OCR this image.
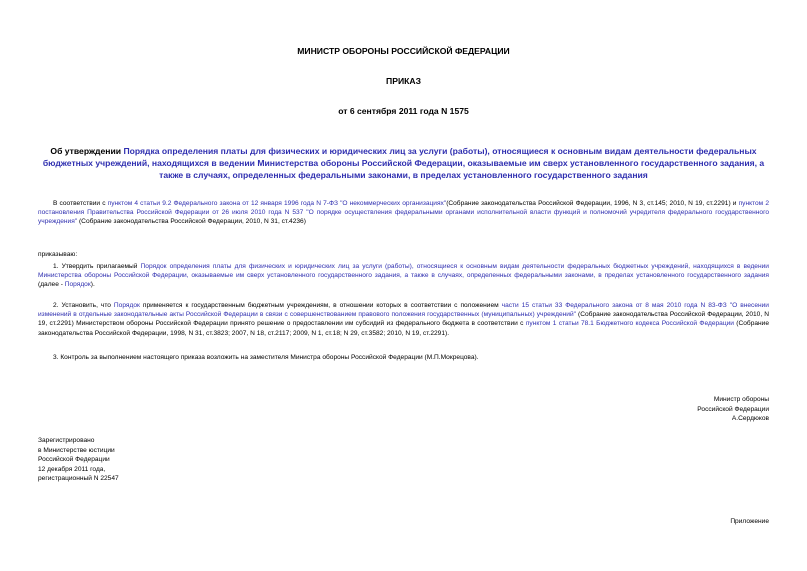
МИНИСТР ОБОРОНЫ РОССИЙСКОЙ ФЕДЕРАЦИИ
ПРИКАЗ
от 6 сентября 2011 года N 1575
Об утверждении Порядка определения платы для физических и юридических лиц за услуги (работы), относящиеся к основным видам деятельности федеральных бюджетных учреждений, находящихся в ведении Министерства обороны Российской Федерации, оказываемые им сверх установленного государственного задания, а также в случаях, определенных федеральными законами, в пределах установленного государственного задания
В соответствии с пунктом 4 статьи 9.2 Федерального закона от 12 января 1996 года N 7-ФЗ "О некоммерческих организациях"(Собрание законодательства Российской Федерации, 1996, N 3, ст.145; 2010, N 19, ст.2291) и пунктом 2 постановления Правительства Российской Федерации от 26 июля 2010 года N 537 "О порядке осуществления федеральными органами исполнительной власти функций и полномочий учредителя федерального государственного учреждения" (Собрание законодательства Российской Федерации, 2010, N 31, ст.4236)
приказываю:
1. Утвердить прилагаемый Порядок определения платы для физических и юридических лиц за услуги (работы), относящиеся к основным видам деятельности федеральных бюджетных учреждений, находящихся в ведении Министерства обороны Российской Федерации, оказываемые им сверх установленного государственного задания, а также в случаях, определенных федеральными законами, в пределах установленного государственного задания (далее - Порядок).
2. Установить, что Порядок применяется к государственным бюджетным учреждениям, в отношении которых в соответствии с положением части 15 статьи 33 Федерального закона от 8 мая 2010 года N 83-ФЗ "О внесении изменений в отдельные законодательные акты Российской Федерации в связи с совершенствованием правового положения государственных (муниципальных) учреждений" (Собрание законодательства Российской Федерации, 2010, N 19, ст.2291) Министерством обороны Российской Федерации принято решение о предоставлении им субсидий из федерального бюджета в соответствии с пунктом 1 статьи 78.1 Бюджетного кодекса Российской Федерации (Собрание законодательства Российской Федерации, 1998, N 31, ст.3823; 2007, N 18, ст.2117; 2009, N 1, ст.18; N 29, ст.3582; 2010, N 19, ст.2291).
3. Контроль за выполнением настоящего приказа возложить на заместителя Министра обороны Российской Федерации (М.П.Мокрецова).
Министр обороны
Российской Федерации
А.Сердюков
Зарегистрировано
в Министерстве юстиции
Российской Федерации
12 декабря 2011 года,
регистрационный N 22547
Приложение
